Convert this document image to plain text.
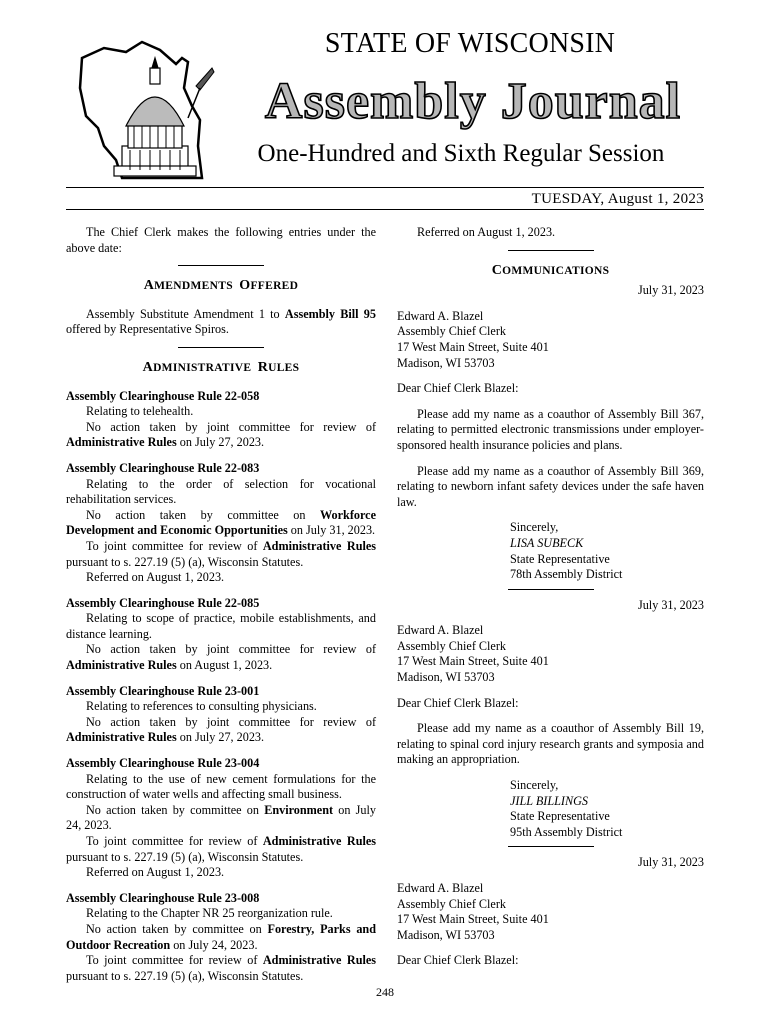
STATE OF WISCONSIN
Assembly Journal
One-Hundred and Sixth Regular Session
TUESDAY, August 1, 2023

The Chief Clerk makes the following entries under the above date:

AMENDMENTS OFFERED

Assembly Substitute Amendment 1 to Assembly Bill 95 offered by Representative Spiros.

ADMINISTRATIVE RULES

Assembly Clearinghouse Rule 22-058

Relating to telehealth.

No action taken by joint committee for review of Administrative Rules on July 27, 2023.

Assembly Clearinghouse Rule 22-083

Relating to the order of selection for vocational rehabilitation services.

No action taken by committee on Workforce Development and Economic Opportunities on July 31, 2023.

To joint committee for review of Administrative Rules pursuant to s. 227.19 (5) (a), Wisconsin Statutes.

Referred on August 1, 2023.

Assembly Clearinghouse Rule 22-085

Relating to scope of practice, mobile establishments, and distance learning.

No action taken by joint committee for review of Administrative Rules on August 1, 2023.

Assembly Clearinghouse Rule 23-001

Relating to references to consulting physicians.

No action taken by joint committee for review of Administrative Rules on July 27, 2023.

Assembly Clearinghouse Rule 23-004

Relating to the use of new cement formulations for the construction of water wells and affecting small business.

No action taken by committee on Environment on July 24, 2023.

To joint committee for review of Administrative Rules pursuant to s. 227.19 (5) (a), Wisconsin Statutes.

Referred on August 1, 2023.

Assembly Clearinghouse Rule 23-008

Relating to the Chapter NR 25 reorganization rule.

No action taken by committee on Forestry, Parks and Outdoor Recreation on July 24, 2023.

To joint committee for review of Administrative Rules pursuant to s. 227.19 (5) (a), Wisconsin Statutes.

Referred on August 1, 2023.

COMMUNICATIONS

July 31, 2023

Edward A. Blazel

Assembly Chief Clerk

17 West Main Street, Suite 401

Madison, WI 53703

Dear Chief Clerk Blazel:

Please add my name as a coauthor of Assembly Bill 367, relating to permitted electronic transmissions under employer-sponsored health insurance policies and plans.

Please add my name as a coauthor of Assembly Bill 369, relating to newborn infant safety devices under the safe haven law.

Sincerely,

LISA SUBECK

State Representative

78th Assembly District

July 31, 2023

Edward A. Blazel

Assembly Chief Clerk

17 West Main Street, Suite 401

Madison, WI 53703

Dear Chief Clerk Blazel:

Please add my name as a coauthor of Assembly Bill 19, relating to spinal cord injury research grants and symposia and making an appropriation.

Sincerely,

JILL BILLINGS

State Representative

95th Assembly District

July 31, 2023

Edward A. Blazel

Assembly Chief Clerk

17 West Main Street, Suite 401

Madison, WI 53703

Dear Chief Clerk Blazel:

248
